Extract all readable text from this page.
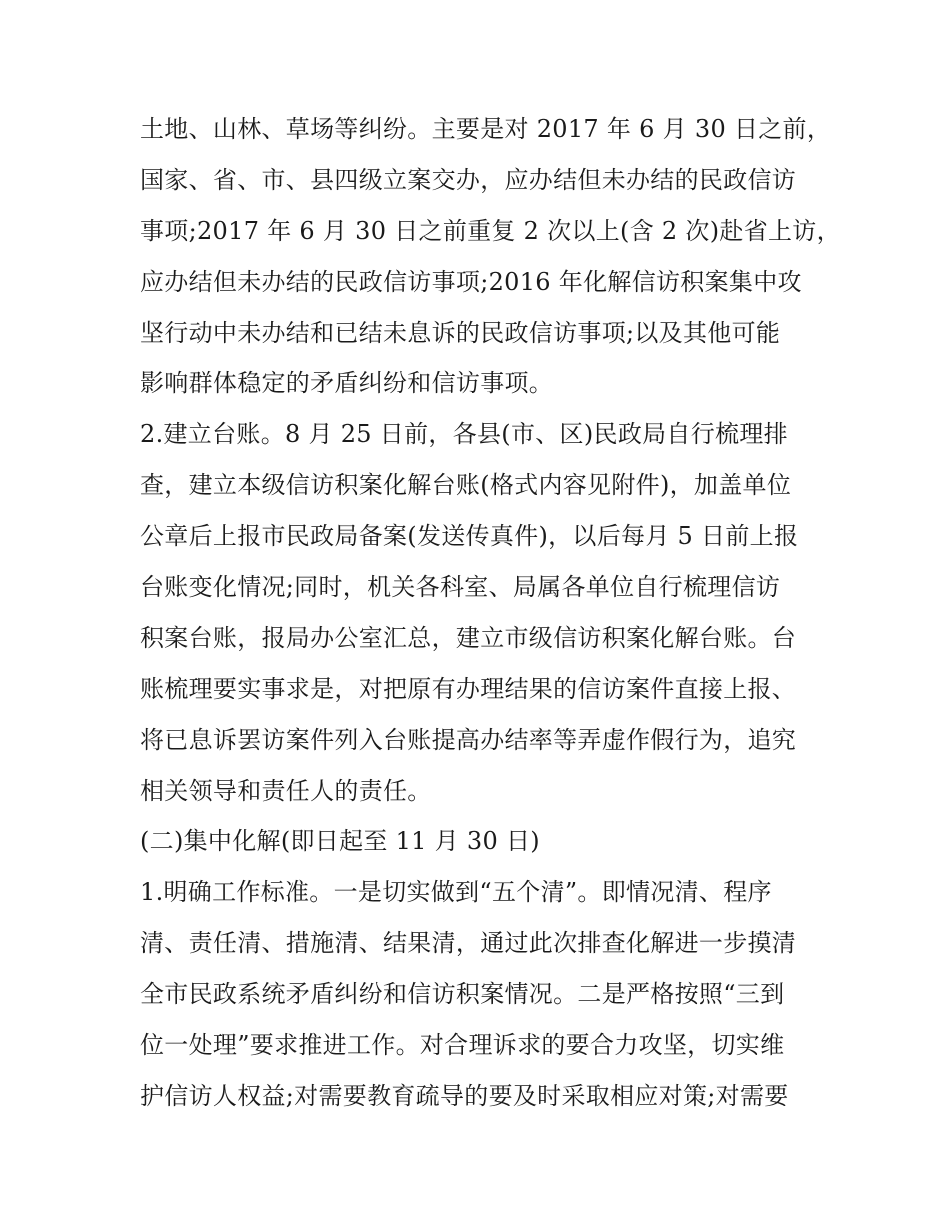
土地、山林、草场等纠纷。主要是对 2017 年 6 月 30 日之前，
国家、省、市、县四级立案交办，应办结但未办结的民政信访
事项;2017 年 6 月 30 日之前重复 2 次以上(含 2 次)赴省上访，
应办结但未办结的民政信访事项;2016 年化解信访积案集中攻
坚行动中未办结和已结未息诉的民政信访事项;以及其他可能
影响群体稳定的矛盾纠纷和信访事项。
2.建立台账。8 月 25 日前，各县(市、区)民政局自行梳理排
查，建立本级信访积案化解台账(格式内容见附件)，加盖单位
公章后上报市民政局备案(发送传真件)，以后每月 5 日前上报
台账变化情况;同时，机关各科室、局属各单位自行梳理信访
积案台账，报局办公室汇总，建立市级信访积案化解台账。台
账梳理要实事求是，对把原有办理结果的信访案件直接上报、
将已息诉罢访案件列入台账提高办结率等弄虚作假行为，追究
相关领导和责任人的责任。
(二)集中化解(即日起至 11 月 30 日)
1.明确工作标准。一是切实做到“五个清”。即情况清、程序
清、责任清、措施清、结果清，通过此次排查化解进一步摸清
全市民政系统矛盾纠纷和信访积案情况。二是严格按照“三到
位一处理”要求推进工作。对合理诉求的要合力攻坚，切实维
护信访人权益;对需要教育疏导的要及时采取相应对策;对需要
